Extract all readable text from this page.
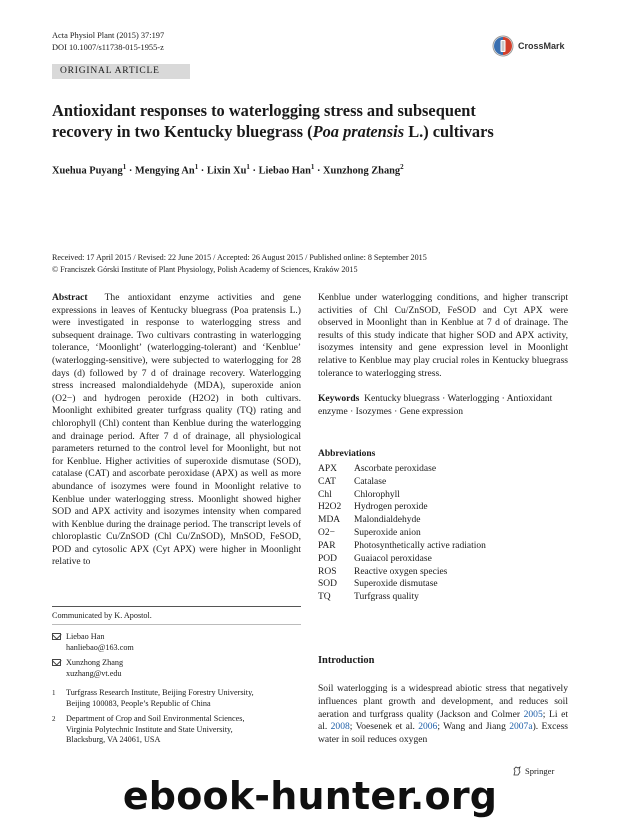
Acta Physiol Plant (2015) 37:197
DOI 10.1007/s11738-015-1955-z	CrossMark
ORIGINAL ARTICLE
Antioxidant responses to waterlogging stress and subsequent
recovery in two Kentucky bluegrass (Poa pratensis L.) cultivars
Xuehua Puyang$^1$ · Mengying $An^1$ · Lixin $Xu^1$ · Liebao Han$^1$ · Xunzhong Zhang$^2$
Received: 17 April 2015 / Revised: 22 June 2015 / Accepted: 26 August 2015 / Published online: 8 September 2015
© Franciszek Górski Institute of Plant Physiology, Polish Academy of Sciences, Kraków 2015

Abstract The antioxidant enzyme activities and gene expressions in leaves of Kentucky bluegrass (Poa pratensis L.) were investigated in response to waterlogging stress and subsequent drainage. Two cultivars contrasting in waterlogging tolerance, ‘Moonlight’ (waterlogging-tolerant) and ‘Kenblue’ (waterlogging-sensitive), were subjected to waterlogging for 28 days (d) followed by 7 d of drainage recovery. Waterlogging stress increased malondialdehyde (MDA), superoxide anion (O2−) and hydrogen peroxide (H2O2) in both cultivars. Moonlight exhibited greater turfgrass quality (TQ) rating and chlorophyll (Chl) content than Kenblue during the waterlogging and drainage period. After 7 d of drainage, all physiological parameters returned to the control level for Moonlight, but not for Kenblue. Higher activities of superoxide dismutase (SOD), catalase (CAT) and ascorbate peroxidase (APX) as well as more abundance of isozymes were found in Moonlight relative to Kenblue under waterlogging stress. Moonlight showed higher SOD and APX activity and isozymes intensity when compared with Kenblue during the drainage period. The transcript levels of chloroplastic Cu/ZnSOD (Chl Cu/ZnSOD), MnSOD, FeSOD, POD and cytosolic APX (Cyt APX) were higher in Moonlight relative to

Communicated by K. Apostol.
Liebao Han
hanliebao@163.com
Xunzhong Zhang
xuzhang@vt.edu
1 Turfgrass Research Institute, Beijing Forestry University,
Beijing 100083, People’s Republic of China
2 Department of Crop and Soil Environmental Sciences,
Virginia Polytechnic Institute and State University,
Blacksburg, VA 24061, USA

Kenblue under waterlogging conditions, and higher transcript activities of Chl Cu/ZnSOD, FeSOD and Cyt APX were observed in Moonlight than in Kenblue at 7 d of drainage. The results of this study indicate that higher SOD and APX activity, isozymes intensity and gene expression level in Moonlight relative to Kenblue may play crucial roles in Kentucky bluegrass tolerance to waterlogging stress.

Keywords Kentucky bluegrass · Waterlogging · Antioxidant enzyme · Isozymes · Gene expression

Abbreviations
APX	Ascorbate peroxidase
CAT	Catalase
Chl	Chlorophyll
H2O2	Hydrogen peroxide
MDA	Malondialdehyde
O2−	Superoxide anion
PAR	Photosynthetically active radiation
POD	Guaiacol peroxidase
ROS	Reactive oxygen species
SOD	Superoxide dismutase
TQ	Turfgrass quality
Introduction
Soil waterlogging is a widespread abiotic stress that negatively influences plant growth and development, and reduces soil aeration and turfgrass quality (Jackson and Colmer 2005; Li et al. 2008; Voesenek et al. 2006; Wang and Jiang 2007a). Excess water in soil reduces oxygen
Springer
ebook-hunter.org
